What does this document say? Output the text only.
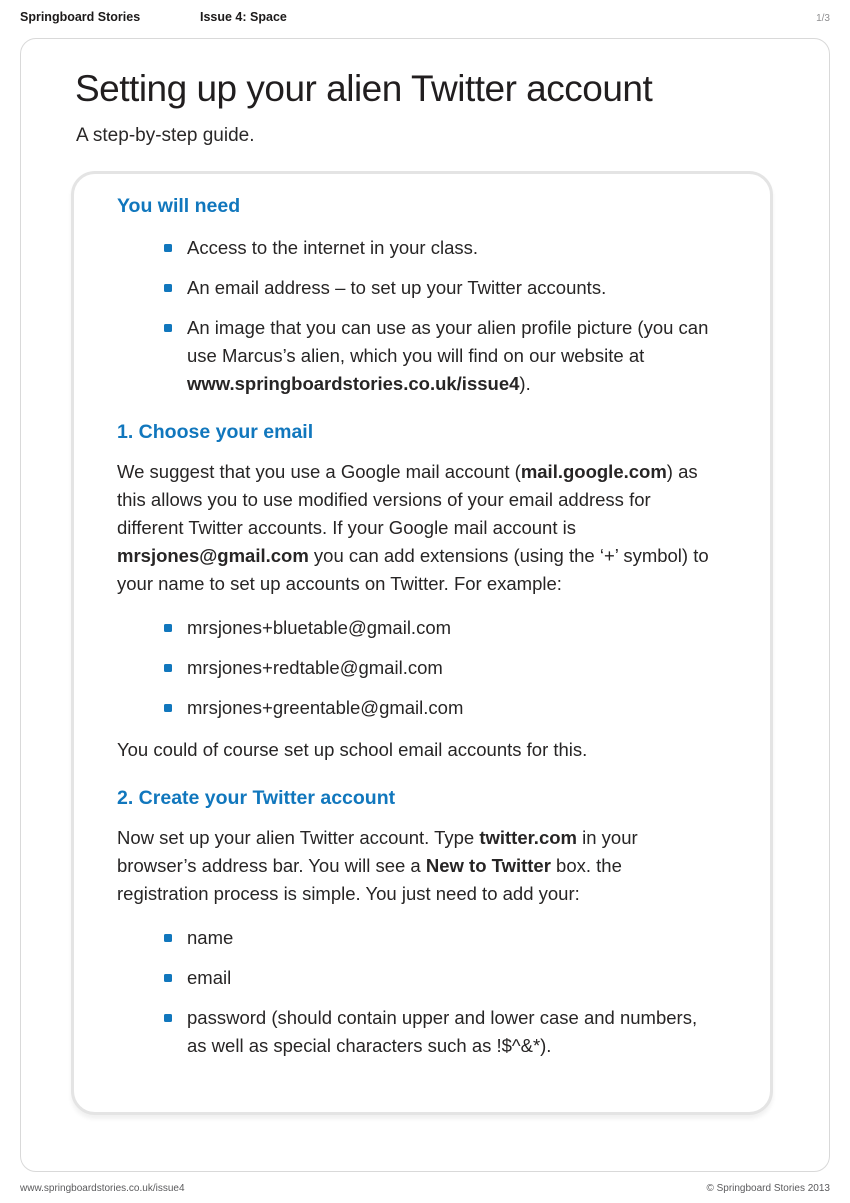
Springboard Stories	Issue 4: Space	1/3
Setting up your alien Twitter account

A step-by-step guide.

You will need
Access to the internet in your class.
An email address – to set up your Twitter accounts.
An image that you can use as your alien profile picture (you can use Marcus’s alien, which you will find on our website at www.springboardstories.co.uk/issue4).
1. Choose your email

We suggest that you use a Google mail account (mail.google.com) as this allows you to use modified versions of your email address for different Twitter accounts. If your Google mail account is mrsjones@gmail.com you can add extensions (using the ‘+’ symbol) to your name to set up accounts on Twitter. For example:

mrsjones+bluetable@gmail.com
mrsjones+redtable@gmail.com
mrsjones+greentable@gmail.com

You could of course set up school email accounts for this.

2. Create your Twitter account

Now set up your alien Twitter account. Type twitter.com in your browser’s address bar. You will see a New to Twitter box. the registration process is simple. You just need to add your:

name
email
password (should contain upper and lower case and numbers, as well as special characters such as !$^&*).
www.springboardstories.co.uk/issue4	© Springboard Stories 2013
